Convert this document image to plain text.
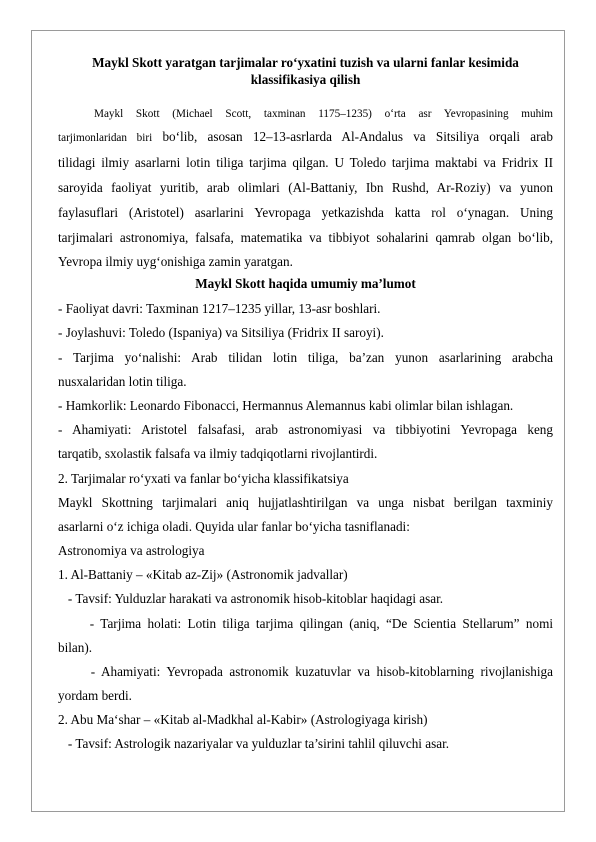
Maykl Skott yaratgan tarjimalar ro‘yxatini tuzish va ularni fanlar kesimida
klassifikasiya qilish
Maykl Skott (Michael Scott, taxminan 1175–1235) o‘rta asr Yevropasining muhim
tarjimonlaridan biri bo‘lib, asosan 12–13-asrlarda Al-Andalus va Sitsiliya orqali arab
tilidagi ilmiy asarlarni lotin tiliga tarjima qilgan. U Toledo tarjima maktabi va Fridrix II
saroyida faoliyat yuritib, arab olimlari (Al-Battaniy, Ibn Rushd, Ar-Roziy) va yunon
faylasuflari (Aristotel) asarlarini Yevropaga yetkazishda katta rol o‘ynagan. Uning
tarjimalari astronomiya, falsafa, matematika va tibbiyot sohalarini qamrab olgan bo‘lib,
Yevropa ilmiy uyg‘onishiga zamin yaratgan.
Maykl Skott haqida umumiy ma’lumot
- Faoliyat davri: Taxminan 1217–1235 yillar, 13-asr boshlari.
- Joylashuvi: Toledo (Ispaniya) va Sitsiliya (Fridrix II saroyi).
- Tarjima yo‘nalishi: Arab tilidan lotin tiliga, ba’zan yunon asarlarining arabcha
nusxalaridan lotin tiliga.
- Hamkorlik: Leonardo Fibonacci, Hermannus Alemannus kabi olimlar bilan ishlagan.
- Ahamiyati: Aristotel falsafasi, arab astronomiyasi va tibbiyotini Yevropaga keng
tarqatib, sxolastik falsafa va ilmiy tadqiqotlarni rivojlantirdi.
2. Tarjimalar ro‘yxati va fanlar bo‘yicha klassifikatsiya
Maykl Skottning tarjimalari aniq hujjatlashtirilgan va unga nisbat berilgan taxminiy
asarlarni o‘z ichiga oladi. Quyida ular fanlar bo‘yicha tasniflanadi:
Astronomiya va astrologiya
1. Al-Battaniy – «Kitab az-Zij» (Astronomik jadvallar)
- Tavsif: Yulduzlar harakati va astronomik hisob-kitoblar haqidagi asar.
- Tarjima holati: Lotin tiliga tarjima qilingan (aniq, “De Scientia Stellarum” nomi
bilan).
- Ahamiyati: Yevropada astronomik kuzatuvlar va hisob-kitoblarning rivojlanishiga
yordam berdi.
2. Abu Ma‘shar – «Kitab al-Madkhal al-Kabir» (Astrologiyaga kirish)
- Tavsif: Astrologik nazariyalar va yulduzlar ta’sirini tahlil qiluvchi asar.
